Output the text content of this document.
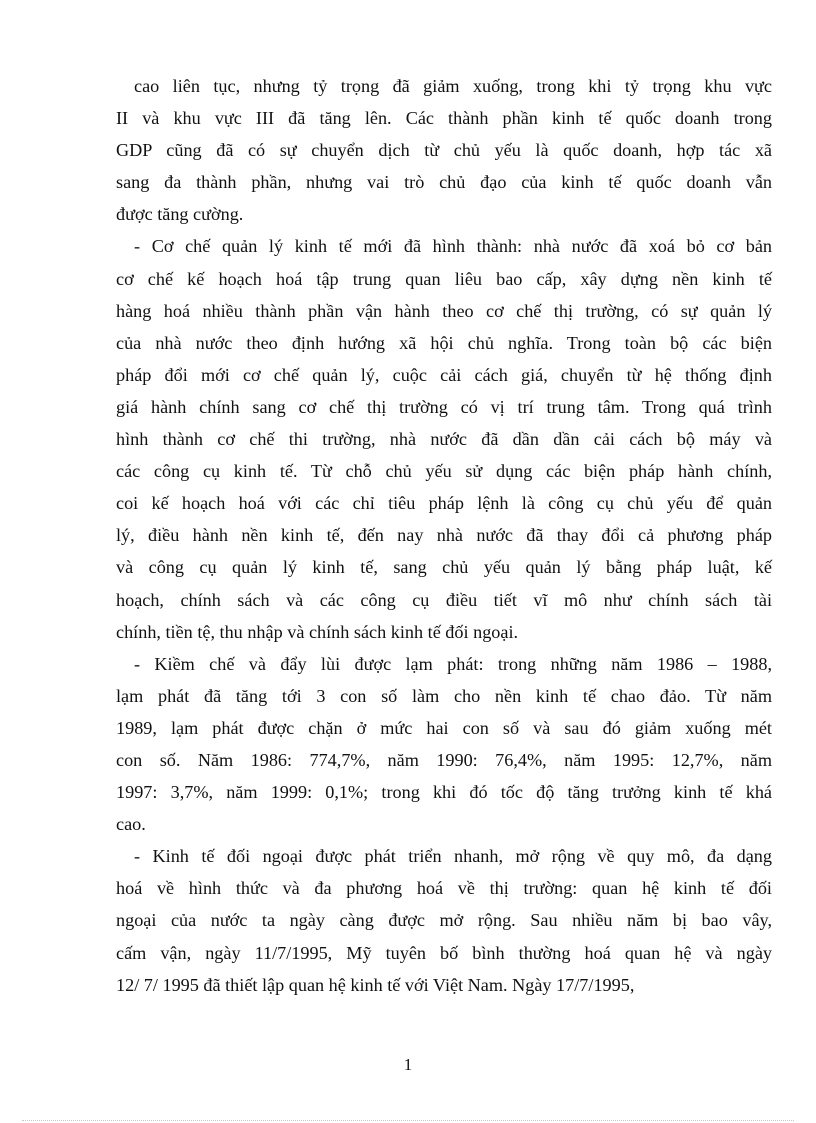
cao liên tục, nhưng tỷ trọng đã giảm xuống, trong khi tỷ trọng khu vực
II và khu vực III đã tăng lên. Các thành phần kinh tế quốc doanh trong
GDP cũng đã có sự chuyển dịch từ chủ yếu là quốc doanh, hợp tác xã
sang đa thành phần, nhưng vai trò chủ đạo của kinh tế quốc doanh vẫn
được tăng cường.

- Cơ chế quản lý kinh tế mới đã hình thành: nhà nước đã xoá bỏ cơ bản
cơ chế kế hoạch hoá tập trung quan liêu bao cấp, xây dựng nền kinh tế
hàng hoá nhiều thành phần vận hành theo cơ chế thị trường, có sự quản lý
của nhà nước theo định hướng xã hội chủ nghĩa. Trong toàn bộ các biện
pháp đổi mới cơ chế quản lý, cuộc cải cách giá, chuyển từ hệ thống định
giá hành chính sang cơ chế thị trường có vị trí trung tâm. Trong quá trình
hình thành cơ chế thi trường, nhà nước đã dần dần cải cách bộ máy và
các công cụ kinh tế. Từ chỗ chủ yếu sử dụng các biện pháp hành chính,
coi kế hoạch hoá với các chỉ tiêu pháp lệnh là công cụ chủ yếu để quản
lý, điều hành nền kinh tế, đến nay nhà nước đã thay đổi cả phương pháp
và công cụ quản lý kinh tế, sang chủ yếu quản lý bằng pháp luật, kế
hoạch, chính sách và các công cụ điều tiết vĩ mô như chính sách tài
chính, tiền tệ, thu nhập và chính sách kinh tế đối ngoại.

- Kiềm chế và đẩy lùi được lạm phát: trong những năm 1986 – 1988,
lạm phát đã tăng tới 3 con số làm cho nền kinh tế chao đảo. Từ năm
1989, lạm phát được chặn ở mức hai con số và sau đó giảm xuống mét
con số. Năm 1986: 774,7%, năm 1990: 76,4%, năm 1995: 12,7%, năm
1997: 3,7%, năm 1999: 0,1%; trong khi đó tốc độ tăng trưởng kinh tế khá
cao.

- Kinh tế đối ngoại được phát triển nhanh, mở rộng về quy mô, đa dạng
hoá về hình thức và đa phương hoá về thị trường: quan hệ kinh tế đối
ngoại của nước ta ngày càng được mở rộng. Sau nhiều năm bị bao vây,
cấm vận, ngày 11/7/1995, Mỹ tuyên bố bình thường hoá quan hệ và ngày
12/ 7/ 1995 đã thiết lập quan hệ kinh tế với Việt Nam. Ngày 17/7/1995,

1
